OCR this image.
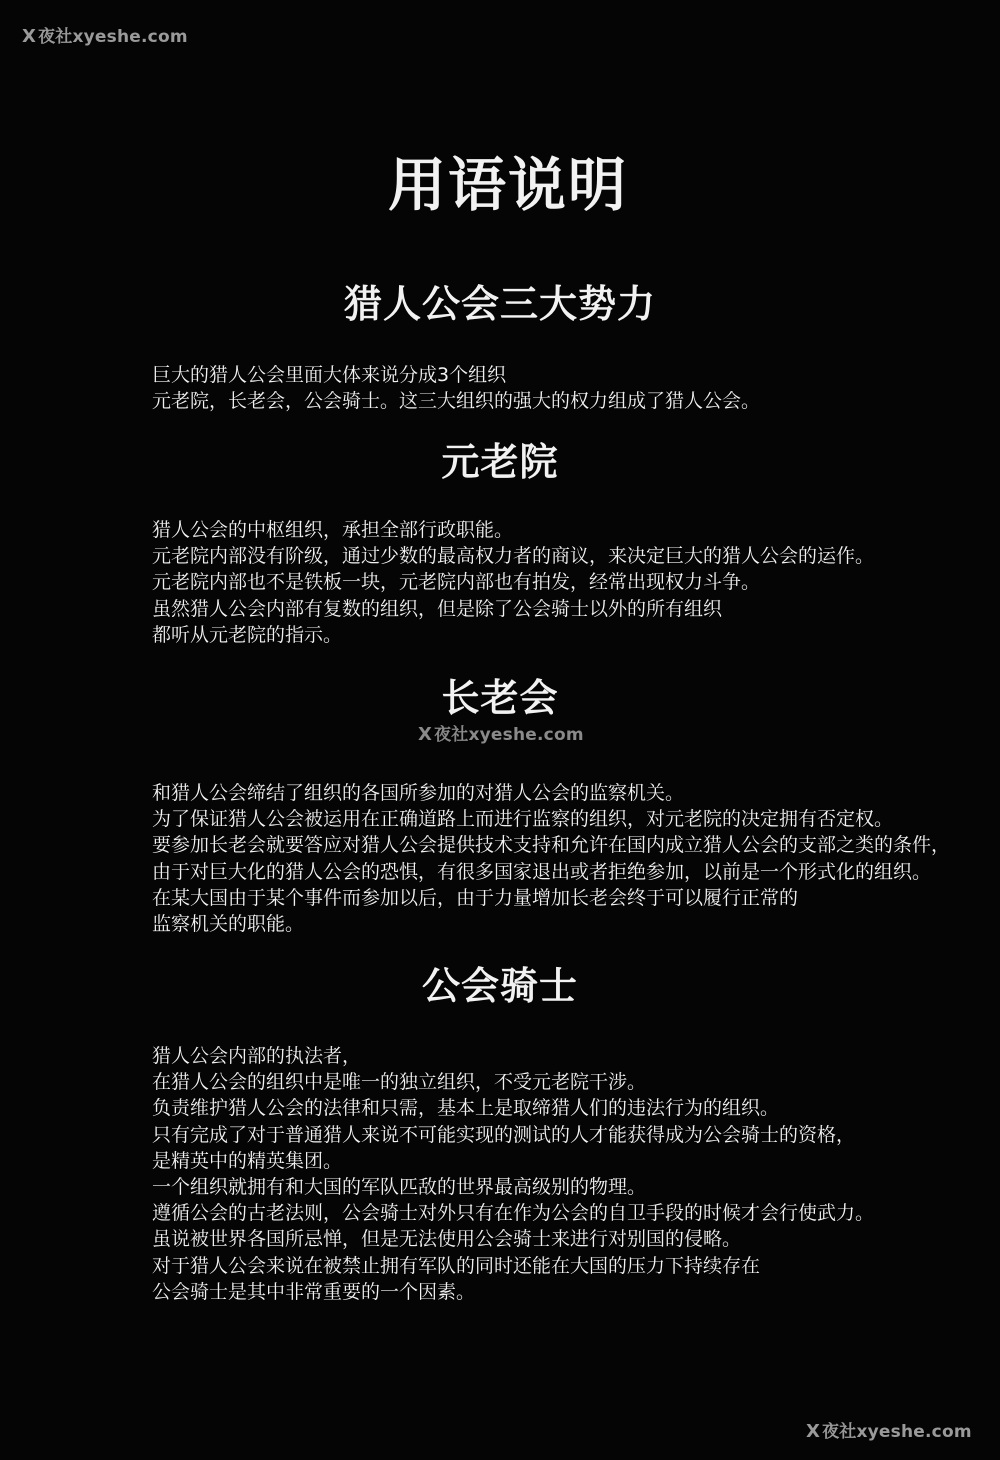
X 夜社xyeshe.com
X 夜社xyeshe.com
X 夜社xyeshe.com
用语说明
猎人公会三大势力
巨大的猎人公会里面大体来说分成3个组织
元老院，长老会，公会骑士。这三大组织的强大的权力组成了猎人公会。
元老院
猎人公会的中枢组织，承担全部行政职能。
元老院内部没有阶级，通过少数的最高权力者的商议，来决定巨大的猎人公会的运作。
元老院内部也不是铁板一块，元老院内部也有拍发，经常出现权力斗争。
虽然猎人公会内部有复数的组织，但是除了公会骑士以外的所有组织
都听从元老院的指示。
长老会
和猎人公会缔结了组织的各国所参加的对猎人公会的监察机关。
为了保证猎人公会被运用在正确道路上而进行监察的组织，对元老院的决定拥有否定权。
要参加长老会就要答应对猎人公会提供技术支持和允许在国内成立猎人公会的支部之类的条件，
由于对巨大化的猎人公会的恐惧，有很多国家退出或者拒绝参加，以前是一个形式化的组织。
在某大国由于某个事件而参加以后，由于力量增加长老会终于可以履行正常的
监察机关的职能。
公会骑士
猎人公会内部的执法者，
在猎人公会的组织中是唯一的独立组织，不受元老院干涉。
负责维护猎人公会的法律和只需，基本上是取缔猎人们的违法行为的组织。
只有完成了对于普通猎人来说不可能实现的测试的人才能获得成为公会骑士的资格，
是精英中的精英集团。
一个组织就拥有和大国的军队匹敌的世界最高级别的物理。
遵循公会的古老法则，公会骑士对外只有在作为公会的自卫手段的时候才会行使武力。
虽说被世界各国所忌惮，但是无法使用公会骑士来进行对别国的侵略。
对于猎人公会来说在被禁止拥有军队的同时还能在大国的压力下持续存在
公会骑士是其中非常重要的一个因素。
